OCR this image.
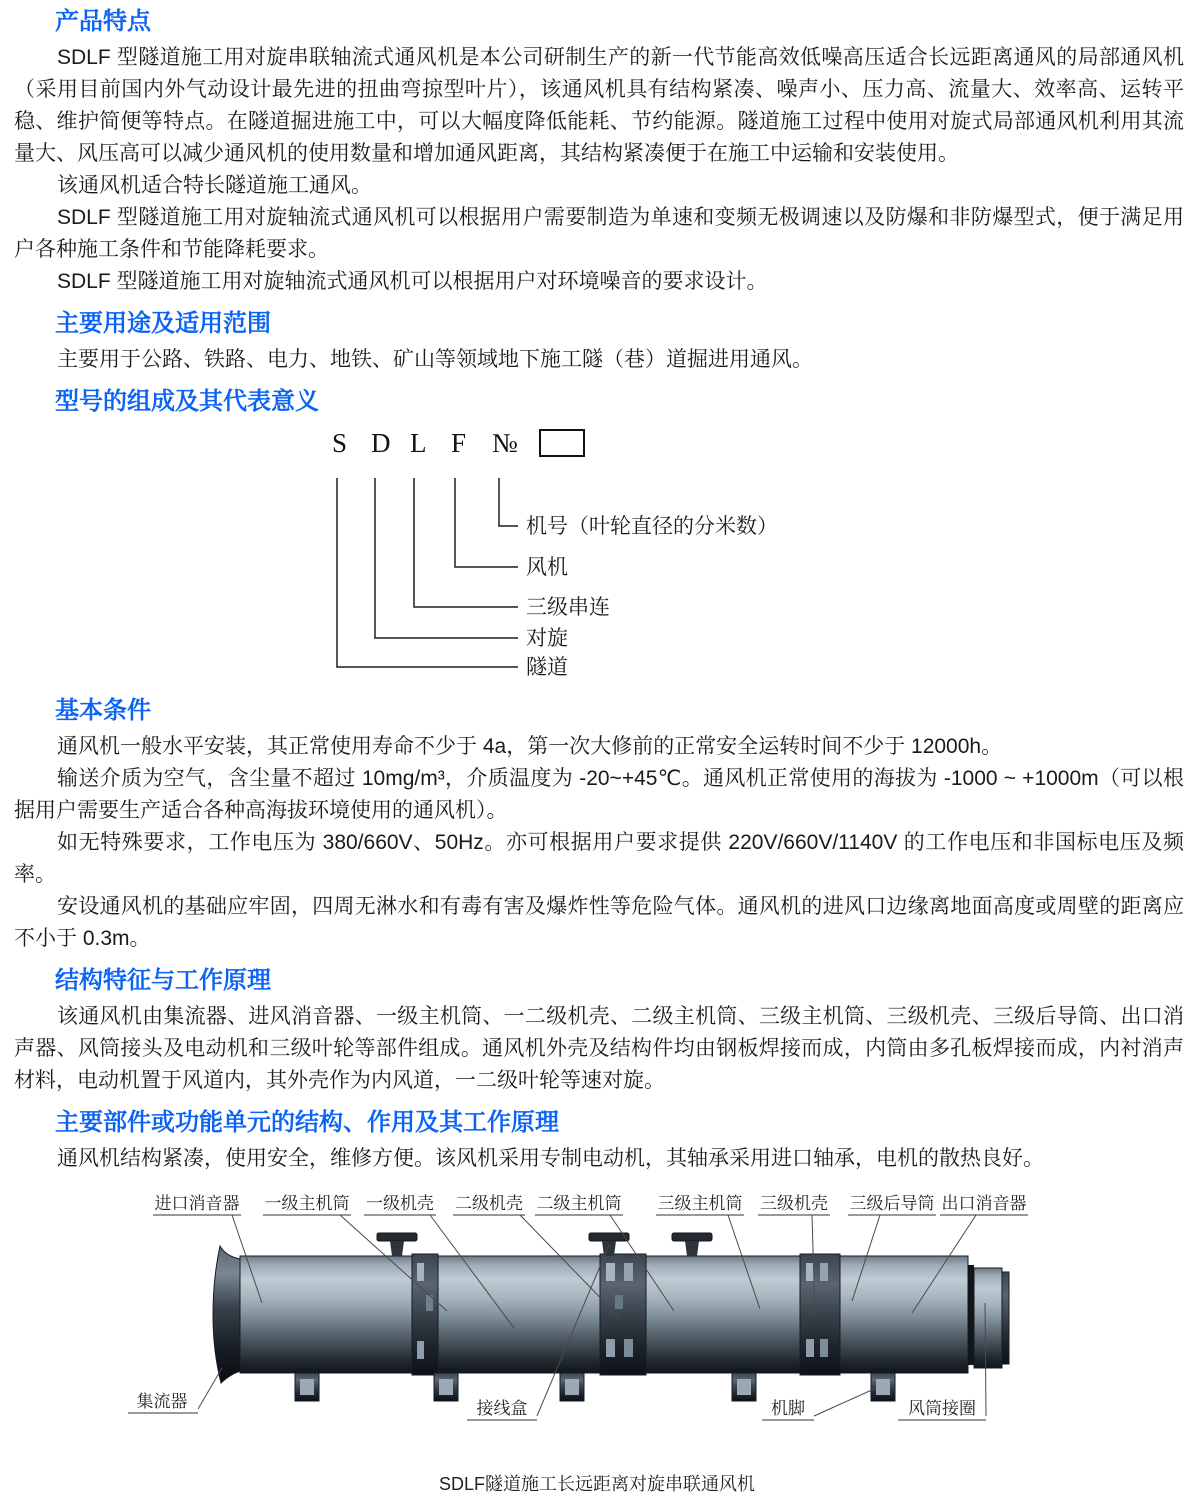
产品特点

SDLF 型隧道施工用对旋串联轴流式通风机是本公司研制生产的新一代节能高效低噪高压适合长远距离通风的局部通风机（采用目前国内外气动设计最先进的扭曲弯掠型叶片），该通风机具有结构紧凑、噪声小、压力高、流量大、效率高、运转平稳、维护简便等特点。在隧道掘进施工中，可以大幅度降低能耗、节约能源。隧道施工过程中使用对旋式局部通风机利用其流量大、风压高可以减少通风机的使用数量和增加通风距离，其结构紧凑便于在施工中运输和安装使用。

该通风机适合特长隧道施工通风。

SDLF 型隧道施工用对旋轴流式通风机可以根据用户需要制造为单速和变频无极调速以及防爆和非防爆型式，便于满足用户各种施工条件和节能降耗要求。

SDLF 型隧道施工用对旋轴流式通风机可以根据用户对环境噪音的要求设计。

主要用途及适用范围

主要用于公路、铁路、电力、地铁、矿山等领域地下施工隧（巷）道掘进用通风。

型号的组成及其代表意义
S D L F №
机号（叶轮直径的分米数）
风机
三级串连
对旋
隧道
基本条件

通风机一般水平安装，其正常使用寿命不少于 4a，第一次大修前的正常安全运转时间不少于 12000h。

输送介质为空气，含尘量不超过 10mg/m³，介质温度为 -20~+45℃。通风机正常使用的海拔为 -1000 ~ +1000m（可以根据用户需要生产适合各种高海拔环境使用的通风机）。

如无特殊要求，工作电压为 380/660V、50Hz。亦可根据用户要求提供 220V/660V/1140V 的工作电压和非国标电压及频率。

安设通风机的基础应牢固，四周无淋水和有毒有害及爆炸性等危险气体。通风机的进风口边缘离地面高度或周壁的距离应不小于 0.3m。

结构特征与工作原理

该通风机由集流器、进风消音器、一级主机筒、一二级机壳、二级主机筒、三级主机筒、三级机壳、三级后导筒、出口消声器、风筒接头及电动机和三级叶轮等部件组成。通风机外壳及结构件均由钢板焊接而成，内筒由多孔板焊接而成，内衬消声材料，电动机置于风道内，其外壳作为内风道，一二级叶轮等速对旋。

主要部件或功能单元的结构、作用及其工作原理

通风机结构紧凑，使用安全，维修方便。该风机采用专制电动机，其轴承采用进口轴承，电机的散热良好。

进口消音器 一级主机筒 一级机壳 二级机壳 二级主机筒 三级主机筒 三级机壳 三级后导筒 出口消音器
集流器	接线盒	机脚	风筒接圈
SDLF隧道施工长远距离对旋串联通风机
